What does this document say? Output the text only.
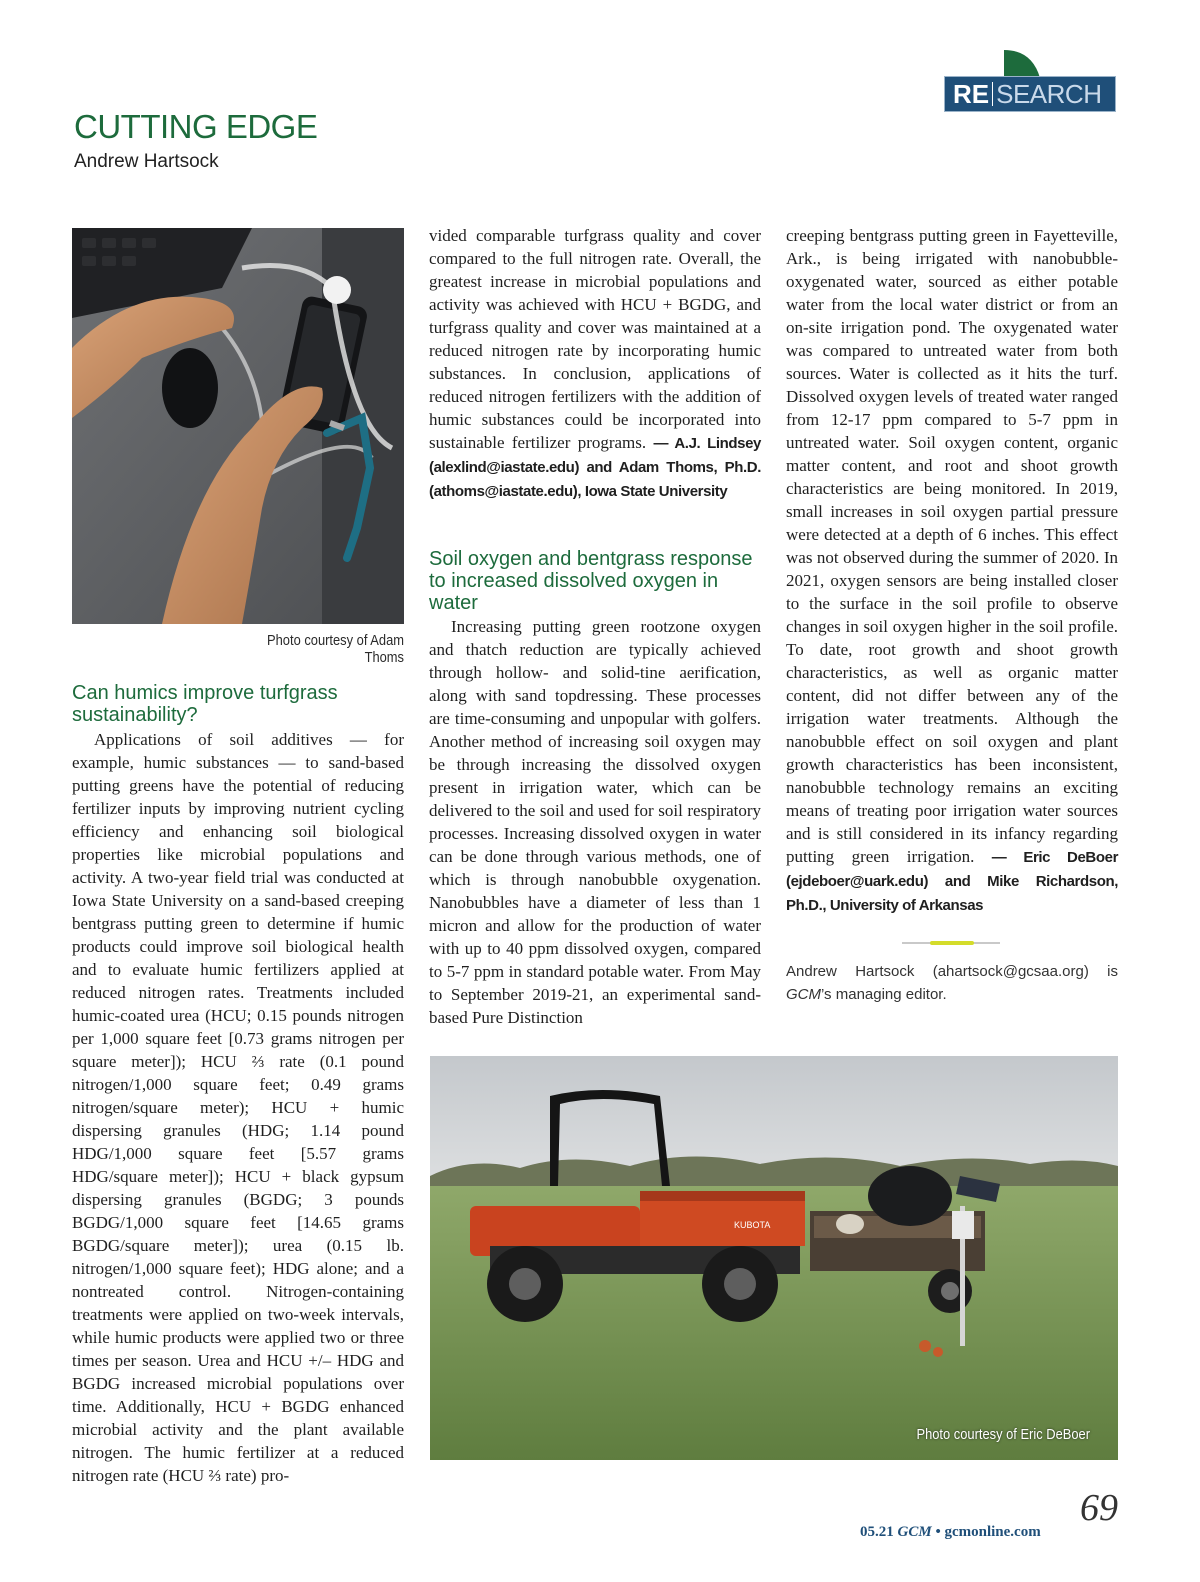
CUTTING EDGE
Andrew Hartsock
RE SEARCH
Photo courtesy of Adam Thoms
Can humics improve turfgrass sustainability?

Applications of soil additives — for example, humic substances — to sand-based putting greens have the potential of reducing fertilizer inputs by improving nutrient cycling efficiency and enhancing soil biological properties like microbial populations and activity. A two-year field trial was conducted at Iowa State University on a sand-based creeping bentgrass putting green to determine if humic products could improve soil biological health and to evaluate humic fertilizers applied at reduced nitrogen rates. Treatments included humic-coated urea (HCU; 0.15 pounds nitrogen per 1,000 square feet [0.73 grams nitrogen per square meter]); HCU ⅔ rate (0.1 pound nitrogen/1,000 square feet; 0.49 grams nitrogen/square meter); HCU + humic dispersing granules (HDG; 1.14 pound HDG/1,000 square feet [5.57 grams HDG/square meter]); HCU + black gypsum dispersing granules (BGDG; 3 pounds BGDG/1,000 square feet [14.65 grams BGDG/square meter]); urea (0.15 lb. nitrogen/1,000 square feet); HDG alone; and a nontreated control. Nitrogen-containing treatments were applied on two-week intervals, while humic products were applied two or three times per season. Urea and HCU +/– HDG and BGDG increased microbial populations over time. Additionally, HCU + BGDG enhanced microbial activity and the plant available nitrogen. The humic fertilizer at a reduced nitrogen rate (HCU ⅔ rate) pro-

vided comparable turfgrass quality and cover compared to the full nitrogen rate. Overall, the greatest increase in microbial populations and activity was achieved with HCU + BGDG, and turfgrass quality and cover was maintained at a reduced nitrogen rate by incorporating humic substances. In conclusion, applications of reduced nitrogen fertilizers with the addition of humic substances could be incorporated into sustainable fertilizer programs. — A.J. Lindsey (alexlind@iastate.edu) and Adam Thoms, Ph.D. (athoms@iastate.edu), Iowa State University

Soil oxygen and bentgrass response to increased dissolved oxygen in water

Increasing putting green rootzone oxygen and thatch reduction are typically achieved through hollow- and solid-tine aerification, along with sand topdressing. These processes are time-consuming and unpopular with golfers. Another method of increasing soil oxygen may be through increasing the dissolved oxygen present in irrigation water, which can be delivered to the soil and used for soil respiratory processes. Increasing dissolved oxygen in water can be done through various methods, one of which is through nanobubble oxygenation. Nanobubbles have a diameter of less than 1 micron and allow for the production of water with up to 40 ppm dissolved oxygen, compared to 5-7 ppm in standard potable water. From May to September 2019-21, an experimental sand-based Pure Distinction

creeping bentgrass putting green in Fayetteville, Ark., is being irrigated with nanobubble-oxygenated water, sourced as either potable water from the local water district or from an on-site irrigation pond. The oxygenated water was compared to untreated water from both sources. Water is collected as it hits the turf. Dissolved oxygen levels of treated water ranged from 12-17 ppm compared to 5-7 ppm in untreated water. Soil oxygen content, organic matter content, and root and shoot growth characteristics are being monitored. In 2019, small increases in soil oxygen partial pressure were detected at a depth of 6 inches. This effect was not observed during the summer of 2020. In 2021, oxygen sensors are being installed closer to the surface in the soil profile to observe changes in soil oxygen higher in the soil profile. To date, root growth and shoot growth characteristics, as well as organic matter content, did not differ between any of the irrigation water treatments. Although the nanobubble effect on soil oxygen and plant growth characteristics has been inconsistent, nanobubble technology remains an exciting means of treating poor irrigation water sources and is still considered in its infancy regarding putting green irrigation. — Eric DeBoer (ejdeboer@uark.edu) and Mike Richardson, Ph.D., University of Arkansas

Andrew Hartsock (ahartsock@gcsaa.org) is GCM’s managing editor.
KUBOTA
Photo courtesy of Eric DeBoer
05.21 GCM • gcmonline.com
69
